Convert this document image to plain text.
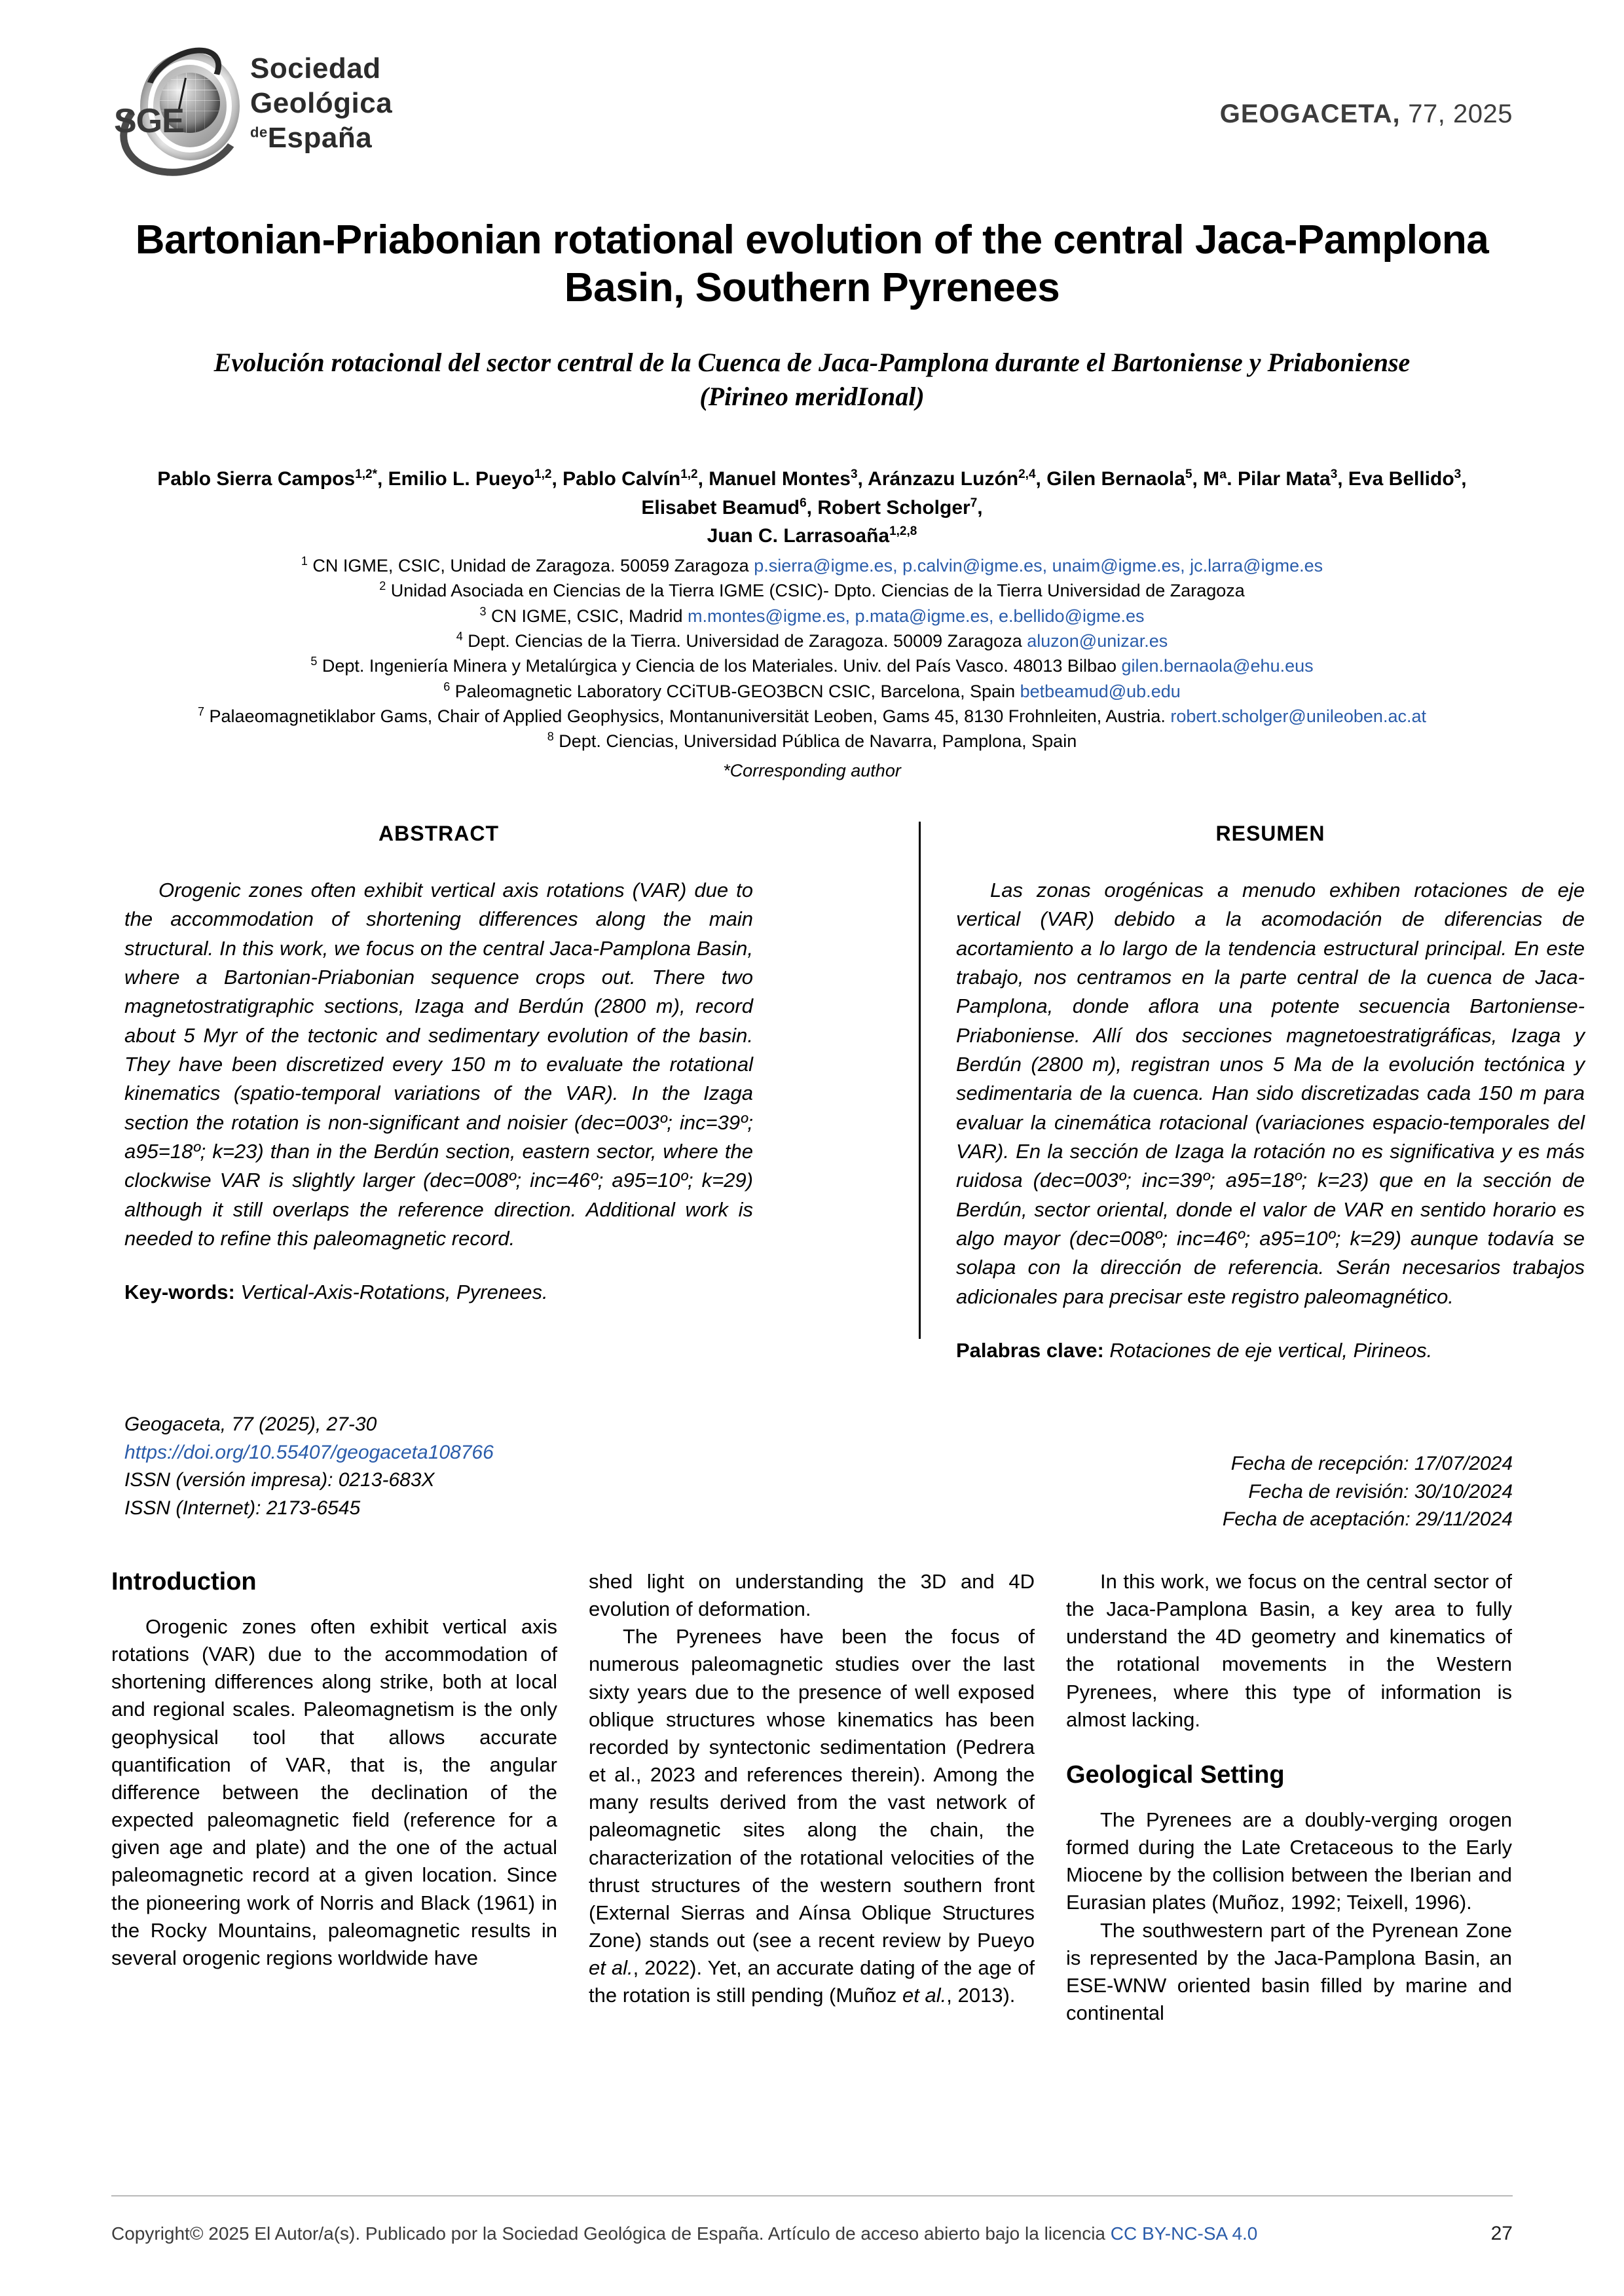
SGE
Sociedad
Geológica
$^{de}$España
GEOGACETA, 77, 2025
Bartonian-Priabonian rotational evolution of the central Jaca-Pamplona Basin, Southern Pyrenees
Evolución rotacional del sector central de la Cuenca de Jaca-Pamplona durante el Bartoniense y Priaboniense
(Pirineo meridIonal)
Pablo Sierra Campos$^{1,2*}$, Emilio L. Pueyo$^{1,2}$, Pablo Calvín$^{1,2}$, Manuel Montes$^3$, Aránzazu Luzón$^{2,4}$, Gilen Bernaola$^5$, Mª. Pilar Mata$^3$, Eva Bellido$^3$, Elisabet Beamud$^6$, Robert Scholger$^7$,
Juan C. Larrasoaña$^{1,2,8}$
$^1$ CN IGME, CSIC, Unidad de Zaragoza. 50059 Zaragoza p.sierra@igme.es, p.calvin@igme.es, unaim@igme.es, jc.larra@igme.es
$^2$ Unidad Asociada en Ciencias de la Tierra IGME (CSIC)- Dpto. Ciencias de la Tierra Universidad de Zaragoza
$^3$ CN IGME, CSIC, Madrid m.montes@igme.es, p.mata@igme.es, e.bellido@igme.es
$^4$ Dept. Ciencias de la Tierra. Universidad de Zaragoza. 50009 Zaragoza aluzon@unizar.es
$^5$ Dept. Ingeniería Minera y Metalúrgica y Ciencia de los Materiales. Univ. del País Vasco. 48013 Bilbao gilen.bernaola@ehu.eus
$^6$ Paleomagnetic Laboratory CCiTUB-GEO3BCN CSIC, Barcelona, Spain betbeamud@ub.edu
$^7$ Palaeomagnetiklabor Gams, Chair of Applied Geophysics, Montanuniversität Leoben, Gams 45, 8130 Frohnleiten, Austria. robert.scholger@unileoben.ac.at
$^8$ Dept. Ciencias, Universidad Pública de Navarra, Pamplona, Spain
*Corresponding author
ABSTRACT
Orogenic zones often exhibit vertical axis rotations (VAR) due to the accommodation of shortening differences along the main structural. In this work, we focus on the central Jaca-Pamplona Basin, where a Bartonian-Priabonian sequence crops out. There two magnetostratigraphic sections, Izaga and Berdún (2800 m), record about 5 Myr of the tectonic and sedimentary evolution of the basin. They have been discretized every 150 m to evaluate the rotational kinematics (spatio-temporal variations of the VAR). In the Izaga section the rotation is non-significant and noisier (dec=003º; inc=39º; a95=18º; k=23) than in the Berdún section, eastern sector, where the clockwise VAR is slightly larger (dec=008º; inc=46º; a95=10º; k=29) although it still overlaps the reference direction. Additional work is needed to refine this paleomagnetic record.
Key-words: Vertical-Axis-Rotations, Pyrenees.
RESUMEN
Las zonas orogénicas a menudo exhiben rotaciones de eje vertical (VAR) debido a la acomodación de diferencias de acortamiento a lo largo de la tendencia estructural principal. En este trabajo, nos centramos en la parte central de la cuenca de Jaca-Pamplona, donde aflora una potente secuencia Bartoniense-Priaboniense. Allí dos secciones magnetoestratigráficas, Izaga y Berdún (2800 m), registran unos 5 Ma de la evolución tectónica y sedimentaria de la cuenca. Han sido discretizadas cada 150 m para evaluar la cinemática rotacional (variaciones espacio-temporales del VAR). En la sección de Izaga la rotación no es significativa y es más ruidosa (dec=003º; inc=39º; a95=18º; k=23) que en la sección de Berdún, sector oriental, donde el valor de VAR en sentido horario es algo mayor (dec=008º; inc=46º; a95=10º; k=29) aunque todavía se solapa con la dirección de referencia. Serán necesarios trabajos adicionales para precisar este registro paleomagnético.
Palabras clave: Rotaciones de eje vertical, Pirineos.
Geogaceta, 77 (2025), 27-30
https://doi.org/10.55407/geogaceta108766
ISSN (versión impresa): 0213-683X
ISSN (Internet): 2173-6545
Fecha de recepción: 17/07/2024
Fecha de revisión: 30/10/2024
Fecha de aceptación: 29/11/2024
Introduction

Orogenic zones often exhibit vertical axis rotations (VAR) due to the accommodation of shortening differences along strike, both at local and regional scales. Paleomagnetism is the only geophysical tool that allows accurate quantification of VAR, that is, the angular difference between the declination of the expected paleomagnetic field (reference for a given age and plate) and the one of the actual paleomagnetic record at a given location. Since the pioneering work of Norris and Black (1961) in the Rocky Mountains, paleomagnetic results in several orogenic regions worldwide have

shed light on understanding the 3D and 4D evolution of deformation.

The Pyrenees have been the focus of numerous paleomagnetic studies over the last sixty years due to the presence of well exposed oblique structures whose kinematics has been recorded by syntectonic sedimentation (Pedrera et al., 2023 and references therein). Among the many results derived from the vast network of paleomagnetic sites along the chain, the characterization of the rotational velocities of the thrust structures of the western southern front (External Sierras and Aínsa Oblique Structures Zone) stands out (see a recent review by Pueyo et al., 2022). Yet, an accurate dating of the age of the rotation is still pending (Muñoz et al., 2013).

In this work, we focus on the central sector of the Jaca-Pamplona Basin, a key area to fully understand the 4D geometry and kinematics of the rotational movements in the Western Pyrenees, where this type of information is almost lacking.

Geological Setting

The Pyrenees are a doubly-verging orogen formed during the Late Cretaceous to the Early Miocene by the collision between the Iberian and Eurasian plates (Muñoz, 1992; Teixell, 1996).

The southwestern part of the Pyrenean Zone is represented by the Jaca-Pamplona Basin, an ESE-WNW oriented basin filled by marine and continental

Copyright© 2025 El Autor/a(s). Publicado por la Sociedad Geológica de España. Artículo de acceso abierto bajo la licencia CC BY-NC-SA 4.0	27
